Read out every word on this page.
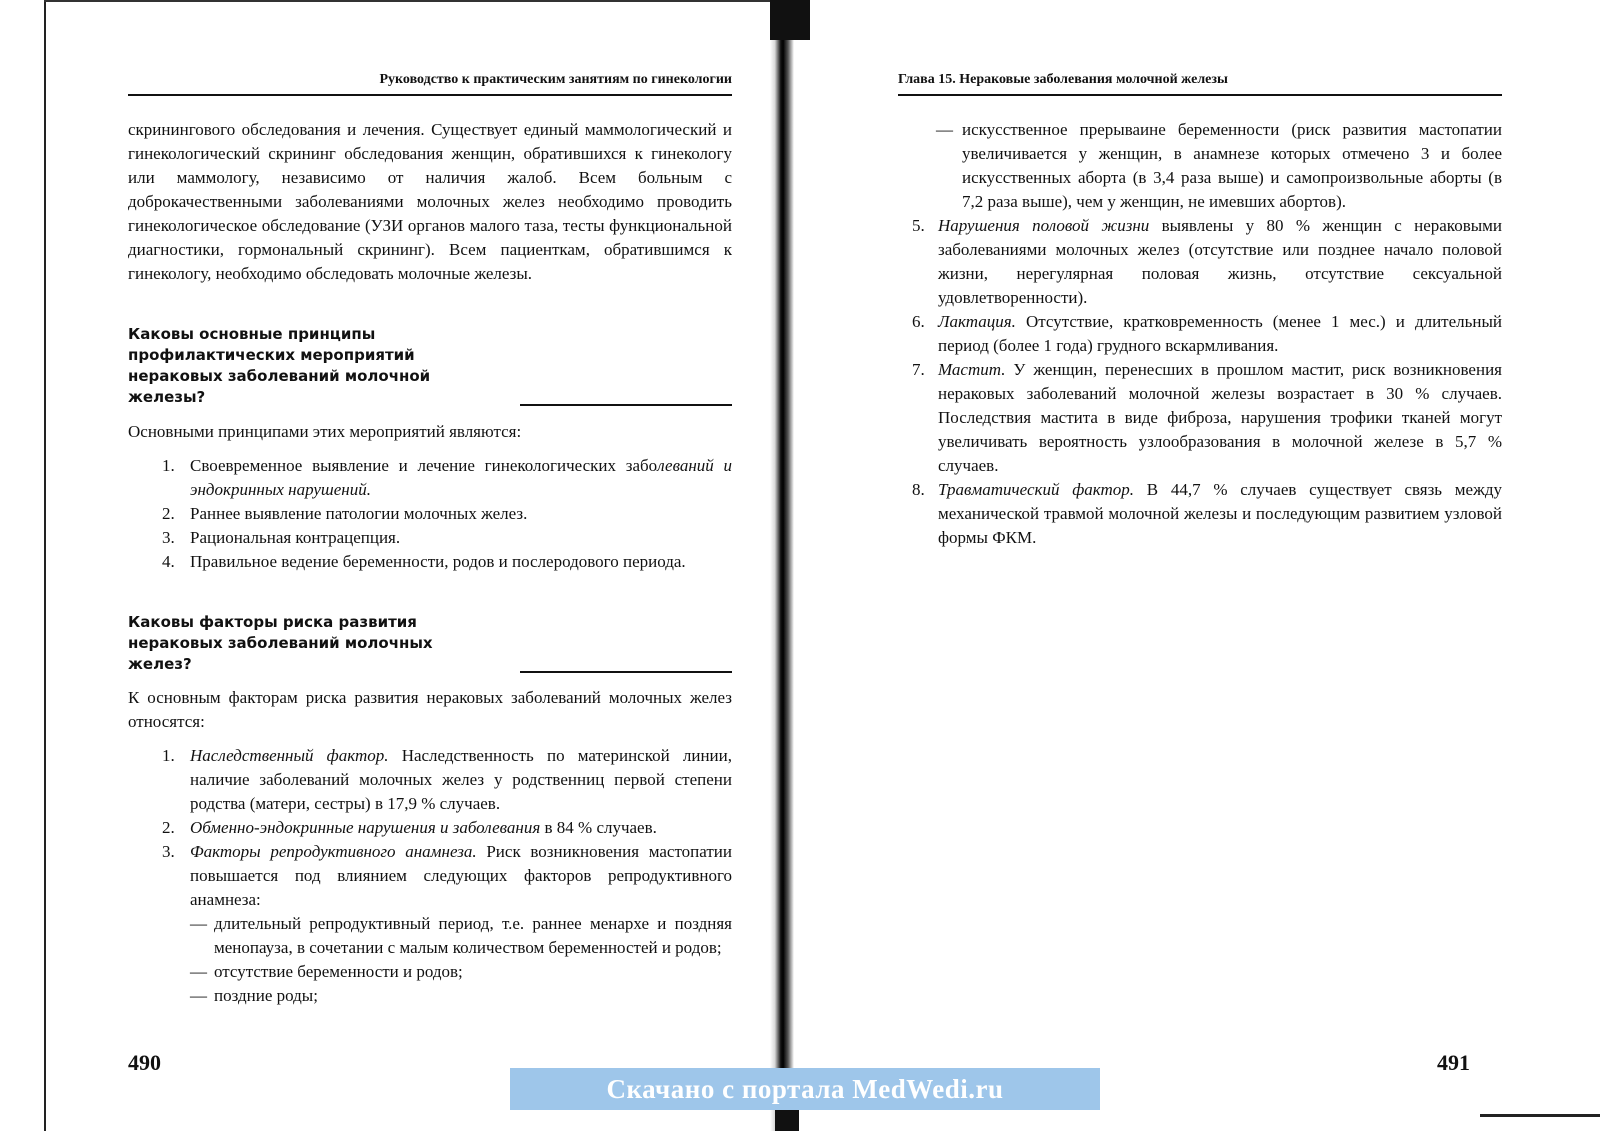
Руководство к практическим занятиям по гинекологии

скринингового обследования и лечения. Существует единый маммологический и гинекологический скрининг обследования женщин, обратившихся к гинекологу или маммологу, независимо от наличия жалоб. Всем больным с доброкачественными заболеваниями молочных желез необходимо проводить гинекологическое обследование (УЗИ органов малого таза, тесты функциональной диагностики, гормональный скрининг). Всем пациенткам, обратившимся к гинекологу, необходимо обследовать молочные железы.

Каковы основные принципы профилактических мероприятий нераковых заболеваний молочной железы?

Основными принципами этих мероприятий являются:

1. Своевременное выявление и лечение гинекологических заболеваний и эндокринных нарушений.
2. Раннее выявление патологии молочных желез.
3. Рациональная контрацепция.
4. Правильное ведение беременности, родов и послеродового периода.
Каковы факторы риска развития нераковых заболеваний молочных желез?

К основным факторам риска развития нераковых заболеваний молочных желез относятся:

1. Наследственный фактор. Наследственность по материнской линии, наличие заболеваний молочных желез у родственниц первой степени родства (матери, сестры) в 17,9 % случаев.
2. Обменно-эндокринные нарушения и заболевания в 84 % случаев.
3. Факторы репродуктивного анамнеза. Риск возникновения мастопатии повышается под влиянием следующих факторов репродуктивного анамнеза:
— длительный репродуктивный период, т.е. раннее менархе и поздняя менопауза, в сочетании с малым количеством беременностей и родов;
— отсутствие беременности и родов;
— поздние роды;
490
Глава 15. Нераковые заболевания молочной железы
— искусственное прерываине беременности (риск развития мастопатии увеличивается у женщин, в анамнезе которых отмечено 3 и более искусственных аборта (в 3,4 раза выше) и самопроизвольные аборты (в 7,2 раза выше), чем у женщин, не имевших абортов).
5. Нарушения половой жизни выявлены у 80 % женщин с нераковыми заболеваниями молочных желез (отсутствие или позднее начало половой жизни, нерегулярная половая жизнь, отсутствие сексуальной удовлетворенности).
6. Лактация. Отсутствие, кратковременность (менее 1 мес.) и длительный период (более 1 года) грудного вскармливания.
7. Мастит. У женщин, перенесших в прошлом мастит, риск возникновения нераковых заболеваний молочной железы возрастает в 30 % случаев. Последствия мастита в виде фиброза, нарушения трофики тканей могут увеличивать вероятность узлообразования в молочной железе в 5,7 % случаев.
8. Травматический фактор. В 44,7 % случаев существует связь между механической травмой молочной железы и последующим развитием узловой формы ФКМ.
491
Скачано с портала MedWedi.ru
